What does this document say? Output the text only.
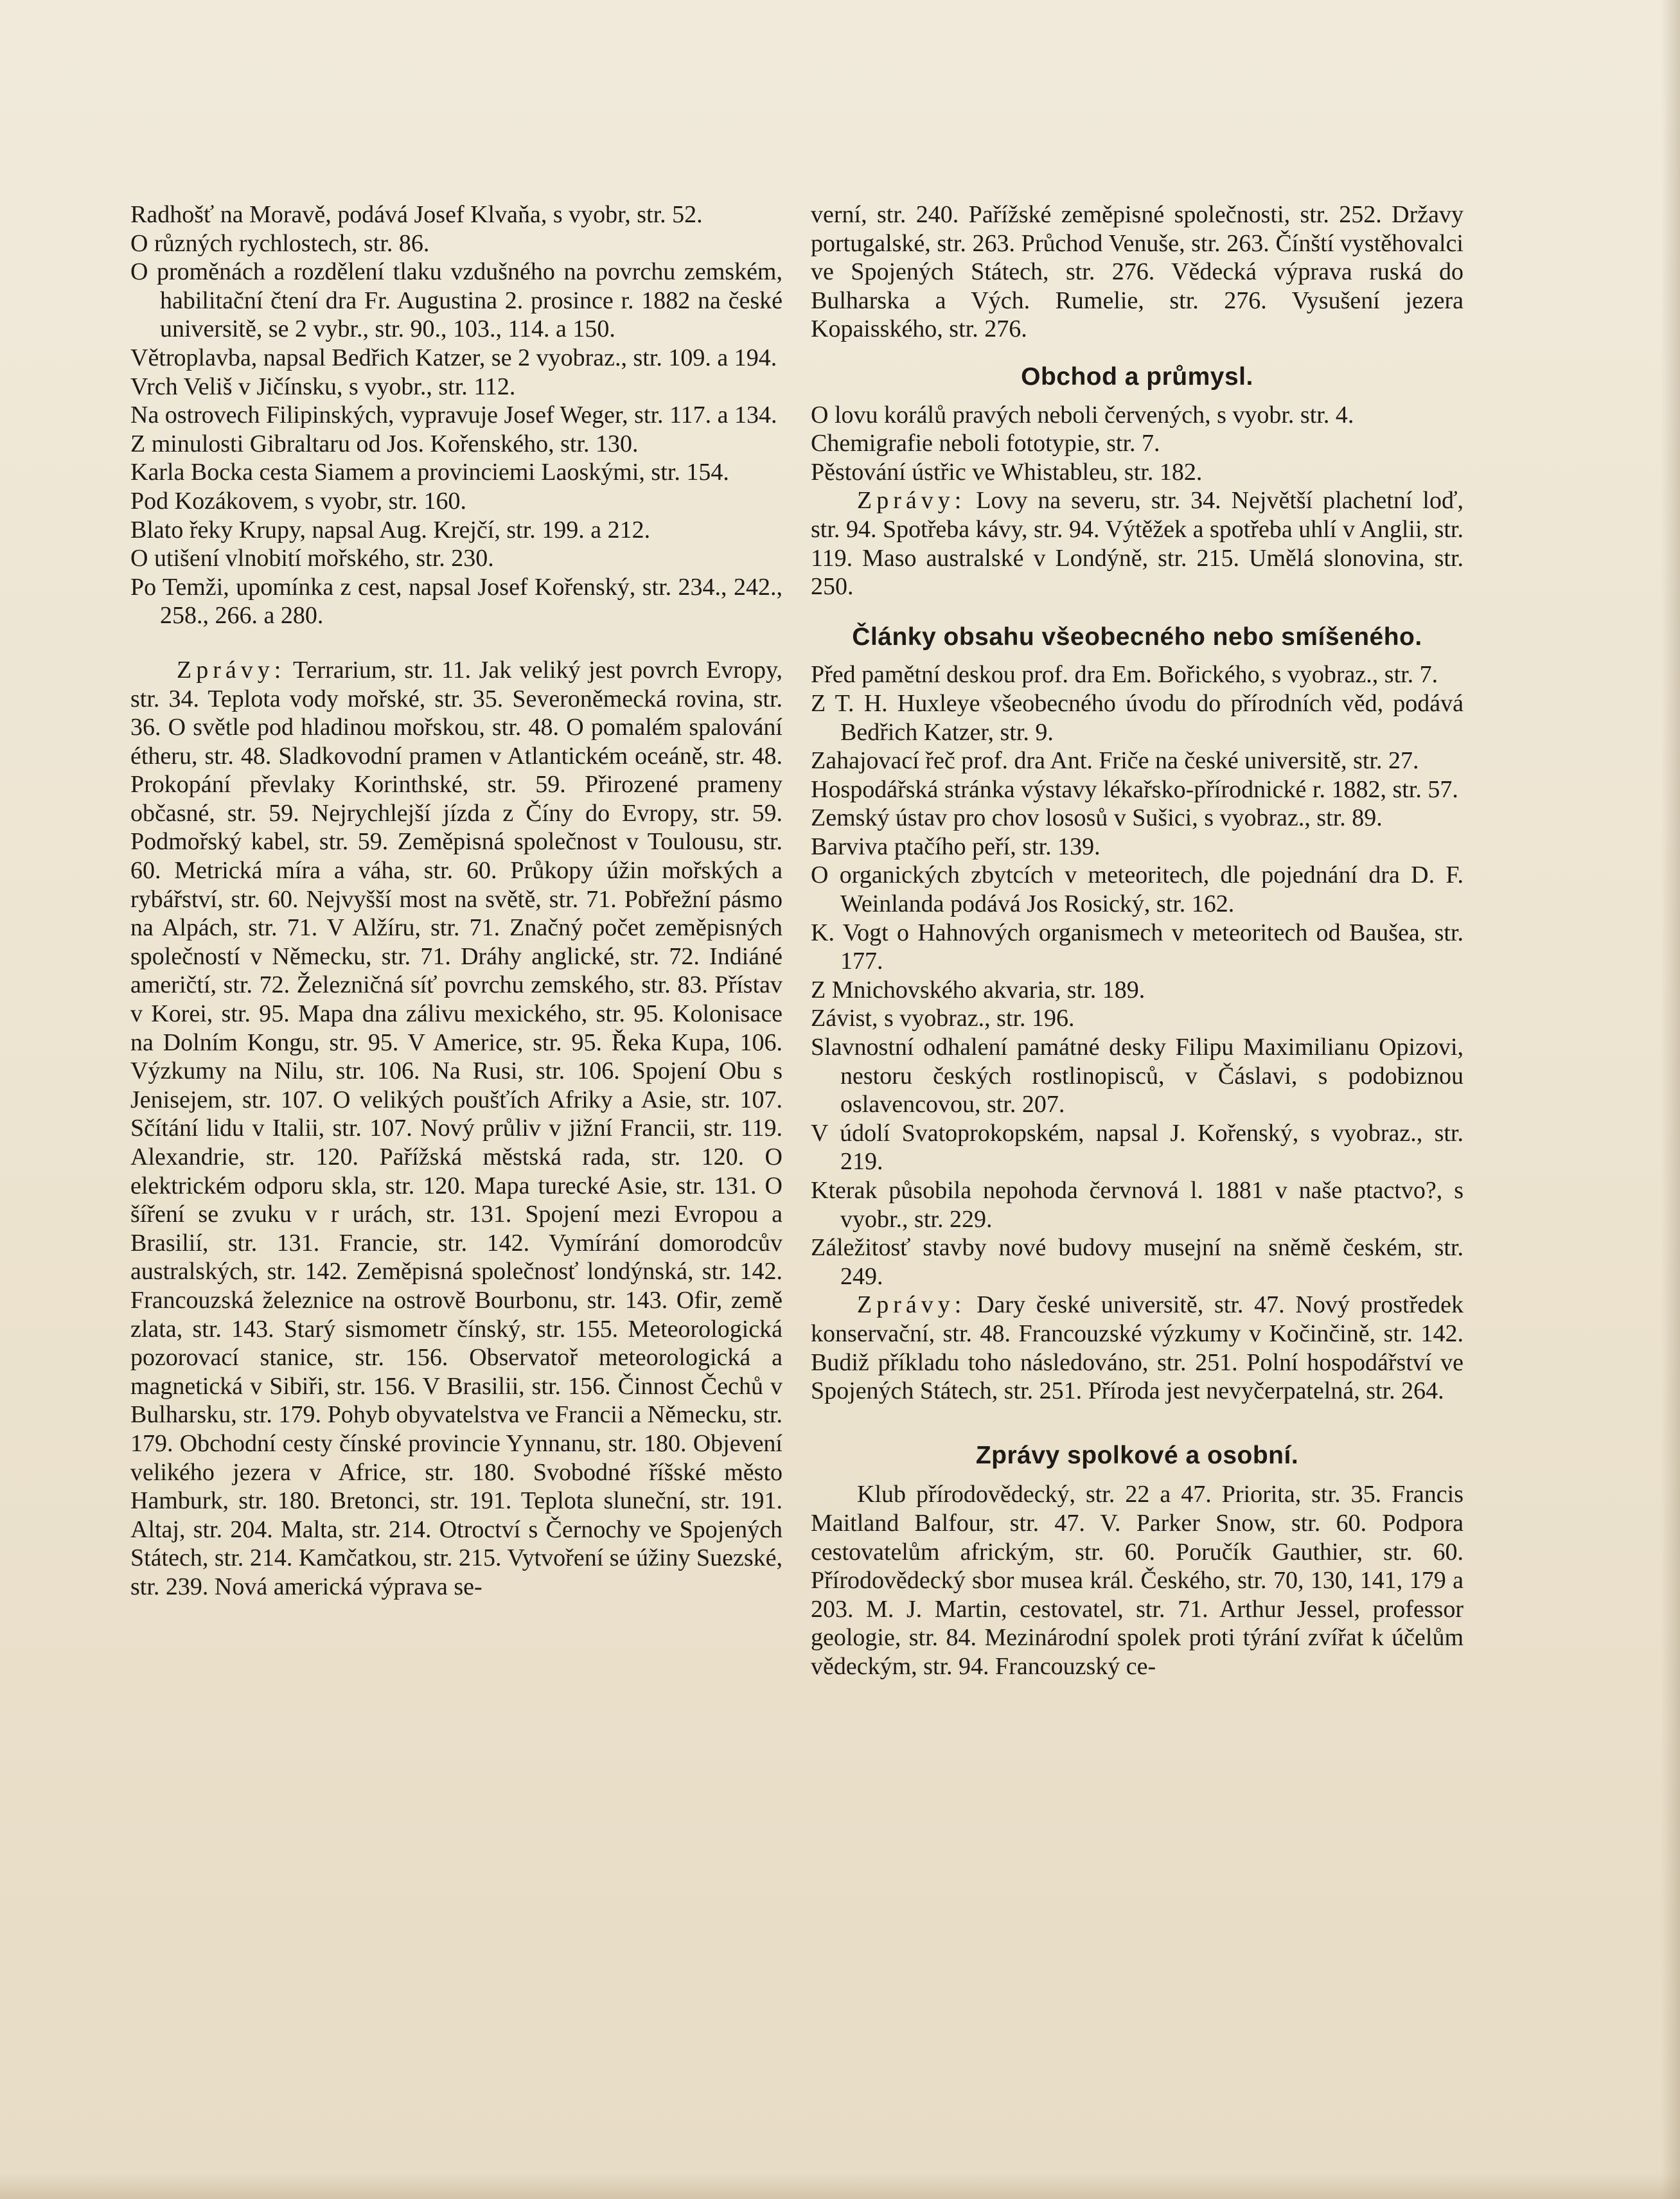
Radhošť na Moravě, podává Josef Klvaňa, s vyobr, str. 52.

O různých rychlostech, str. 86.

O proměnách a rozdělení tlaku vzdušného na povrchu zemském, habilitační čtení dra Fr. Augustina 2. prosince r. 1882 na české universitě, se 2 vybr., str. 90., 103., 114. a 150.

Větroplavba, napsal Bedřich Katzer, se 2 vyobraz., str. 109. a 194.

Vrch Veliš v Jičínsku, s vyobr., str. 112.

Na ostrovech Filipinských, vypravuje Josef Weger, str. 117. a 134.

Z minulosti Gibraltaru od Jos. Kořenského, str. 130.

Karla Bocka cesta Siamem a provinciemi Laoskými, str. 154.

Pod Kozákovem, s vyobr, str. 160.

Blato řeky Krupy, napsal Aug. Krejčí, str. 199. a 212.

O utišení vlnobití mořského, str. 230.

Po Temži, upomínka z cest, napsal Josef Kořenský, str. 234., 242., 258., 266. a 280.

Zprávy: Terrarium, str. 11. Jak veliký jest povrch Evropy, str. 34. Teplota vody mořské, str. 35. Severoněmecká rovina, str. 36. O světle pod hladinou mořskou, str. 48. O pomalém spalování étheru, str. 48. Sladkovodní pramen v Atlantickém oceáně, str. 48. Prokopání převlaky Korinthské, str. 59. Přirozené prameny občasné, str. 59. Nejrychlejší jízda z Číny do Evropy, str. 59. Podmořský kabel, str. 59. Zeměpisná společnost v Toulousu, str. 60. Metrická míra a váha, str. 60. Průkopy úžin mořských a rybářství, str. 60. Nejvyšší most na světě, str. 71. Pobřežní pásmo na Alpách, str. 71. V Alžíru, str. 71. Značný počet zeměpisných společností v Německu, str. 71. Dráhy anglické, str. 72. Indiáné američtí, str. 72. Železničná síť povrchu zemského, str. 83. Přístav v Korei, str. 95. Mapa dna zálivu mexického, str. 95. Kolonisace na Dolním Kongu, str. 95. V Americe, str. 95. Řeka Kupa, 106. Výzkumy na Nilu, str. 106. Na Rusi, str. 106. Spojení Obu s Jenisejem, str. 107. O velikých poušťích Afriky a Asie, str. 107. Sčítání lidu v Italii, str. 107. Nový průliv v jižní Francii, str. 119. Alexandrie, str. 120. Pařížská městská rada, str. 120. O elektrickém odporu skla, str. 120. Mapa turecké Asie, str. 131. O šíření se zvuku v r urách, str. 131. Spojení mezi Evropou a Brasilií, str. 131. Francie, str. 142. Vymírání domorodcův australských, str. 142. Zeměpisná společnosť londýnská, str. 142. Francouzská železnice na ostrově Bourbonu, str. 143. Ofir, země zlata, str. 143. Starý sismometr čínský, str. 155. Meteorologická pozorovací stanice, str. 156. Observatoř meteorologická a magnetická v Sibiři, str. 156. V Brasilii, str. 156. Činnost Čechů v Bulharsku, str. 179. Pohyb obyvatelstva ve Francii a Německu, str. 179. Obchodní cesty čínské provincie Yynnanu, str. 180. Objevení velikého jezera v Africe, str. 180. Svobodné říšské město Hamburk, str. 180. Bretonci, str. 191. Teplota sluneční, str. 191. Altaj, str. 204. Malta, str. 214. Otroctví s Černochy ve Spojených Státech, str. 214. Kamčatkou, str. 215. Vytvoření se úžiny Suezské, str. 239. Nová americká výprava se-

verní, str. 240. Pařížské zeměpisné společnosti, str. 252. Državy portugalské, str. 263. Průchod Venuše, str. 263. Čínští vystěhovalci ve Spojených Státech, str. 276. Vědecká výprava ruská do Bulharska a Vých. Rumelie, str. 276. Vysušení jezera Kopaisského, str. 276.

Obchod a průmysl.

O lovu korálů pravých neboli červených, s vyobr. str. 4.

Chemigrafie neboli fototypie, str. 7.

Pěstování ústřic ve Whistableu, str. 182.

Zprávy: Lovy na severu, str. 34. Největší plachetní loď, str. 94. Spotřeba kávy, str. 94. Výtěžek a spotřeba uhlí v Anglii, str. 119. Maso australské v Londýně, str. 215. Umělá slonovina, str. 250.

Články obsahu všeobecného nebo smíšeného.

Před pamětní deskou prof. dra Em. Bořického, s vyobraz., str. 7.

Z T. H. Huxleye všeobecného úvodu do přírodních věd, podává Bedřich Katzer, str. 9.

Zahajovací řeč prof. dra Ant. Friče na české universitě, str. 27.

Hospodářská stránka výstavy lékařsko-přírodnické r. 1882, str. 57.

Zemský ústav pro chov lososů v Sušici, s vyobraz., str. 89.

Barviva ptačího peří, str. 139.

O organických zbytcích v meteoritech, dle pojednání dra D. F. Weinlanda podává Jos Rosický, str. 162.

K. Vogt o Hahnových organismech v meteoritech od Baušea, str. 177.

Z Mnichovského akvaria, str. 189.

Závist, s vyobraz., str. 196.

Slavnostní odhalení památné desky Filipu Maximilianu Opizovi, nestoru českých rostlinopisců, v Čáslavi, s podobiznou oslavencovou, str. 207.

V údolí Svatoprokopském, napsal J. Kořenský, s vyobraz., str. 219.

Kterak působila nepohoda červnová l. 1881 v naše ptactvo?, s vyobr., str. 229.

Záležitosť stavby nové budovy musejní na sněmě českém, str. 249.

Zprávy: Dary české universitě, str. 47. Nový prostředek konservační, str. 48. Francouzské výzkumy v Kočinčině, str. 142. Budiž příkladu toho následováno, str. 251. Polní hospodářství ve Spojených Státech, str. 251. Příroda jest nevyčerpatelná, str. 264.

Zprávy spolkové a osobní.

Klub přírodovědecký, str. 22 a 47. Priorita, str. 35. Francis Maitland Balfour, str. 47. V. Parker Snow, str. 60. Podpora cestovatelům africkým, str. 60. Poručík Gauthier, str. 60. Přírodovědecký sbor musea král. Českého, str. 70, 130, 141, 179 a 203. M. J. Martin, cestovatel, str. 71. Arthur Jessel, professor geologie, str. 84. Mezinárodní spolek proti týrání zvířat k účelům vědeckým, str. 94. Francouzský ce-
